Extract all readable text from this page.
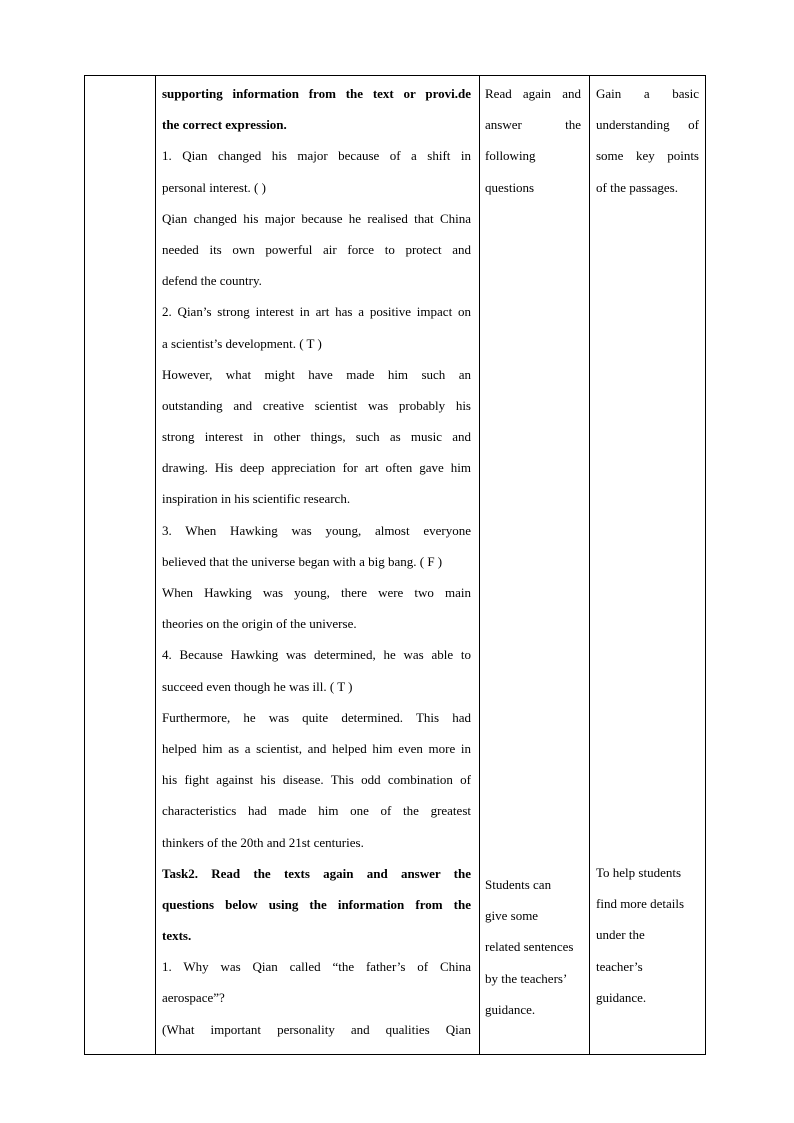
supporting information from the text or provi.de
the correct expression.
1. Qian changed his major because of a shift in
personal interest. ( )
Qian changed his major because he realised that China
needed its own powerful air force to protect and
defend the country.
2. Qian’s strong interest in art has a positive impact on
a scientist’s development. ( T )
However, what might have made him such an
outstanding and creative scientist was probably his
strong interest in other things, such as music and
drawing. His deep appreciation for art often gave him
inspiration in his scientific research.
3. When Hawking was young, almost everyone
believed that the universe began with a big bang. ( F )
When Hawking was young, there were two main
theories on the origin of the universe.
4. Because Hawking was determined, he was able to
succeed even though he was ill. ( T )
Furthermore, he was quite determined. This had
helped him as a scientist, and helped him even more in
his fight against his disease. This odd combination of
characteristics had made him one of the greatest
thinkers of the 20th and 21st centuries.
Task2. Read the texts again and answer the
questions below using the information from the
texts.
1. Why was Qian called “the father’s of China
aerospace”?
(What important personality and qualities Qian
Read again and
answer the
following
questions
Students can
give some
related sentences
by the teachers’
guidance.
Gain a basic
understanding of
some key points
of the passages.
To help students
find more details
under the
teacher’s
guidance.
